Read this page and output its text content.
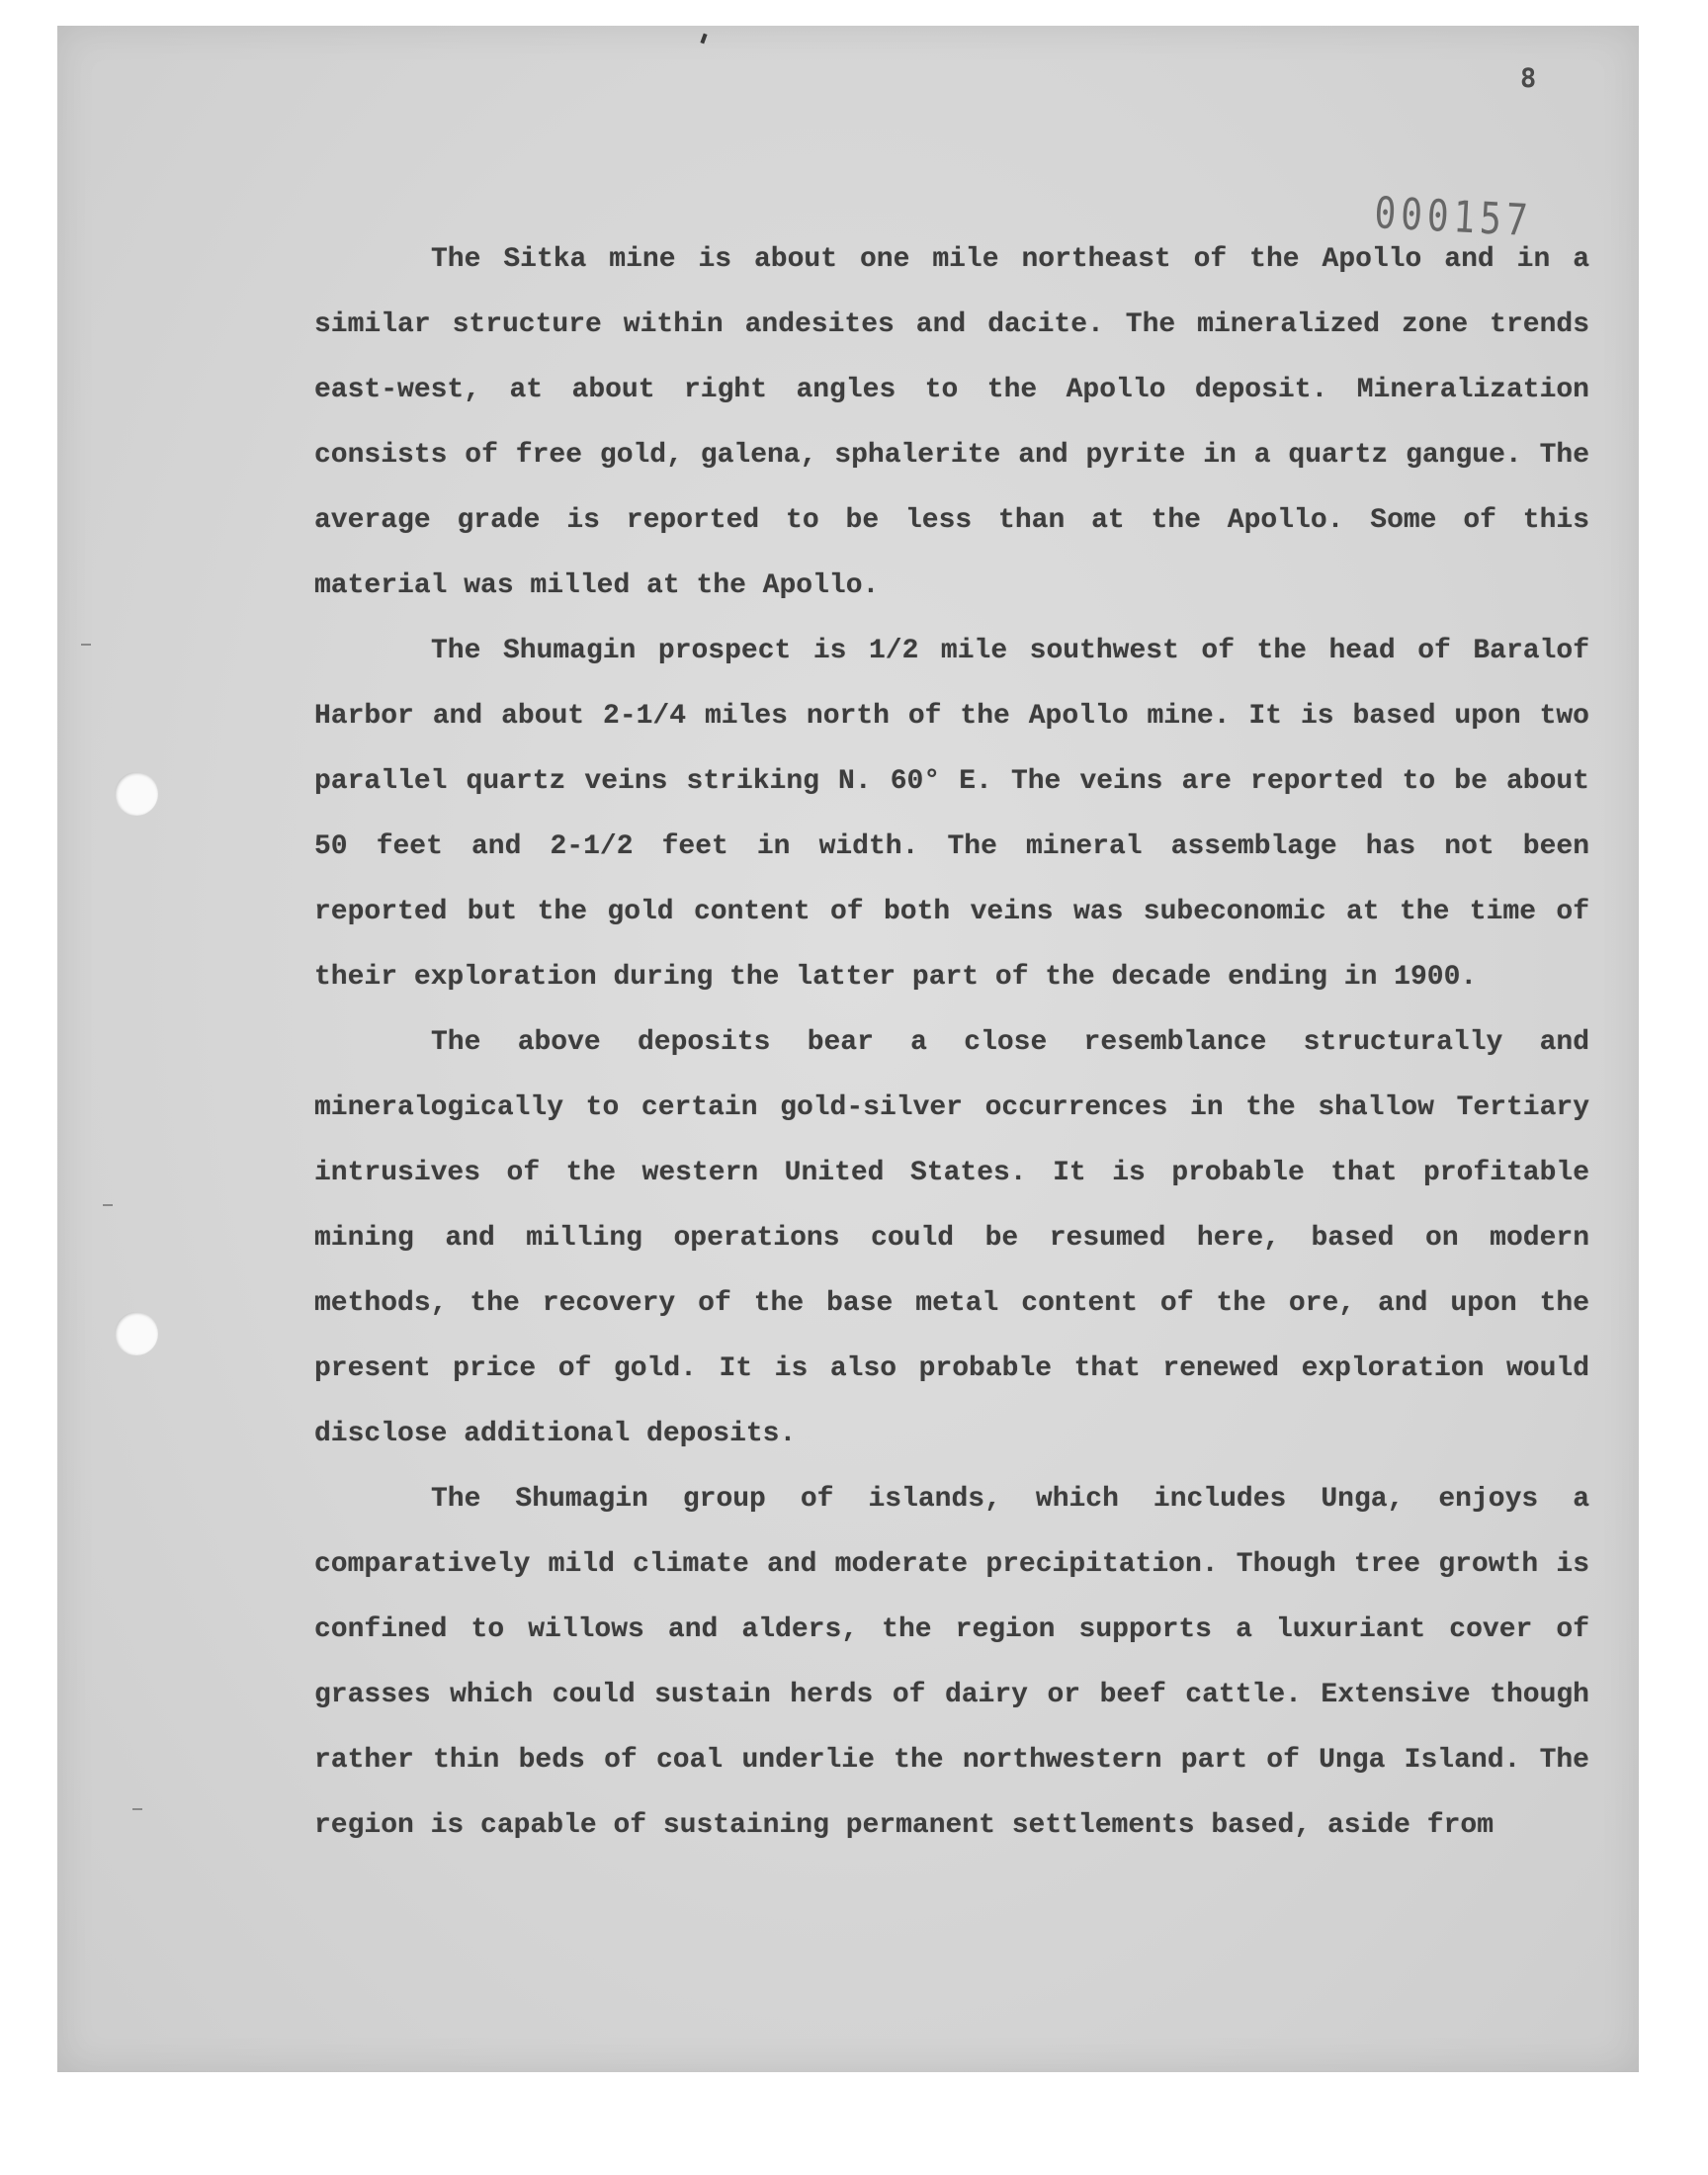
8
000157

The Sitka mine is about one mile northeast of the Apollo and in a similar structure within andesites and dacite. The mineralized zone trends east-west, at about right angles to the Apollo deposit. Mineralization consists of free gold, galena, sphalerite and pyrite in a quartz gangue. The average grade is reported to be less than at the Apollo. Some of this material was milled at the Apollo.

The Shumagin prospect is 1/2 mile southwest of the head of Baralof Harbor and about 2-1/4 miles north of the Apollo mine. It is based upon two parallel quartz veins striking N. 60° E. The veins are reported to be about 50 feet and 2-1/2 feet in width. The mineral assemblage has not been reported but the gold content of both veins was subeconomic at the time of their exploration during the latter part of the decade ending in 1900.

The above deposits bear a close resemblance structurally and mineralogically to certain gold-silver occurrences in the shallow Tertiary intrusives of the western United States. It is probable that profitable mining and milling operations could be resumed here, based on modern methods, the recovery of the base metal content of the ore, and upon the present price of gold. It is also probable that renewed exploration would disclose additional deposits.

The Shumagin group of islands, which includes Unga, enjoys a comparatively mild climate and moderate precipitation. Though tree growth is confined to willows and alders, the region supports a luxuriant cover of grasses which could sustain herds of dairy or beef cattle. Extensive though rather thin beds of coal underlie the northwestern part of Unga Island. The region is capable of sustaining permanent settlements based, aside from
